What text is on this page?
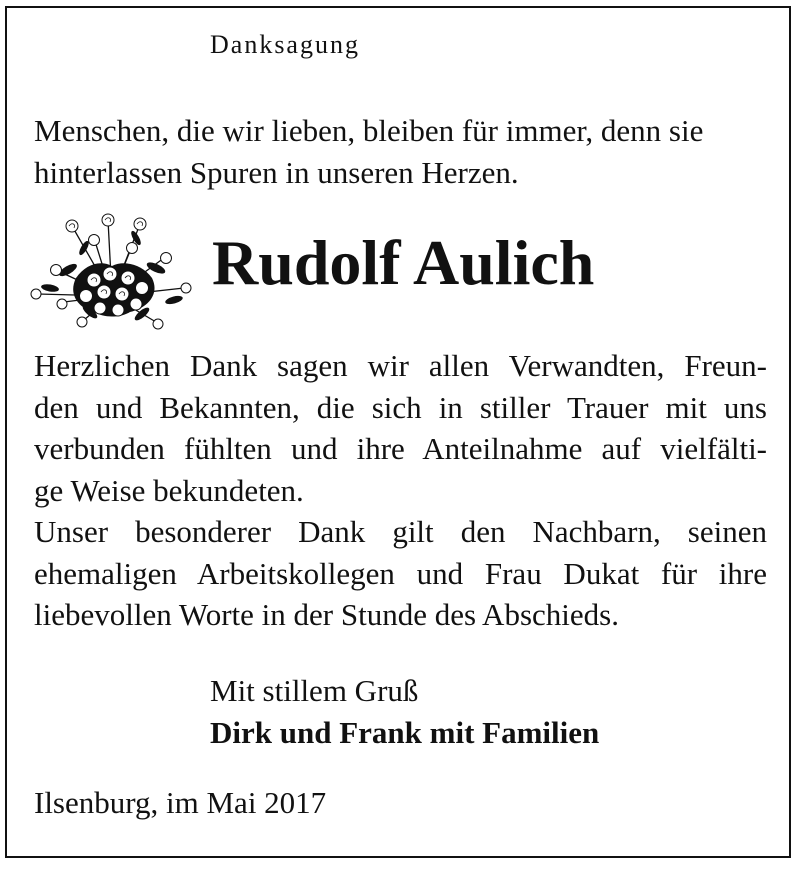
Danksagung

Menschen, die wir lieben, bleiben für immer, denn sie
hinterlassen Spuren in unseren Herzen.

Rudolf Aulich

Herzlichen Dank sagen wir allen Verwandten, Freun-
den und Bekannten, die sich in stiller Trauer mit uns
verbunden fühlten und ihre Anteilnahme auf vielfälti-
ge Weise bekundeten.
Unser besonderer Dank gilt den Nachbarn, seinen
ehemaligen Arbeitskollegen und Frau Dukat für ihre
liebevollen Worte in der Stunde des Abschieds.

Mit stillem Gruß
Dirk und Frank mit Familien

Ilsenburg, im Mai 2017
